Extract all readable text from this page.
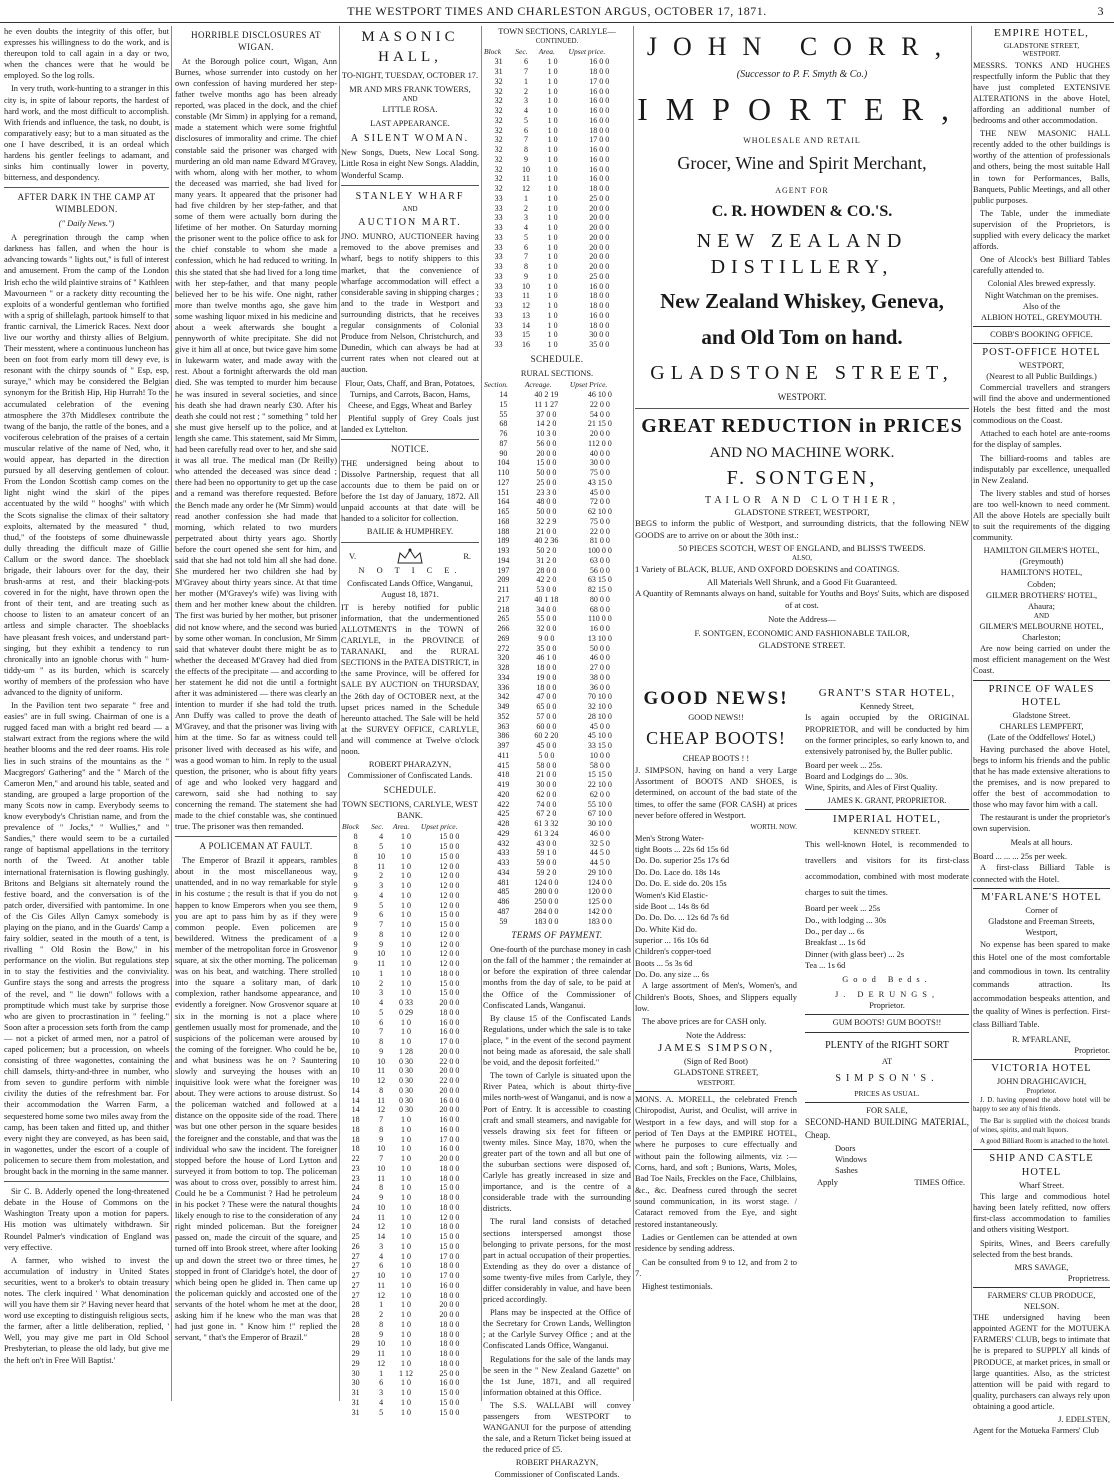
THE WESTPORT TIMES AND CHARLESTON ARGUS, OCTOBER 17, 1871.	3

he even doubts the integrity of this offer, but expresses his willingness to do the work, and is thereupon told to call again in a day or two, when the chances were that he would be employed. So the log rolls.

In very truth, work-hunting to a stranger in this city is, in spite of labour reports, the hardest of hard work, and the most difficult to accomplish. With friends and influence, the task, no doubt, is comparatively easy; but to a man situated as the one I have described, it is an ordeal which hardens his gentler feelings to adamant, and sinks him continually lower in poverty, bitterness, and despondency.

AFTER DARK IN THE CAMP AT WIMBLEDON.
(" Daily News.")

A peregrination through the camp when darkness has fallen, and when the hour is advancing towards " lights out," is full of interest and amusement. From the camp of the London Irish echo the wild plaintive strains of " Kathleen Mavourneen " or a rackety ditty recounting the exploits of a wonderful gentleman who fortified with a sprig of shillelagh, partook himself to that frantic carnival, the Limerick Races. Next door live our worthy and thirsty allies of Belgium. Their messtent, where a continuous luncheon has been on foot from early morn till dewy eve, is resonant with the chirpy sounds of " Esp, esp, suraye," which may be considered the Belgian synonym for the British Hip, Hip Hurrah! To the accumulated celebration of the evening atmosphere the 37th Middlesex contribute the twang of the banjo, the rattle of the bones, and a vociferous celebration of the praises of a certain muscular relative of the name of Ned, who, it would appear, has departed in the direction pursued by all deserving gentlemen of colour. From the London Scottish camp comes on the light night wind the skirl of the pipes accentuated by the wild " hooghs" with which the Scots signalise the climax of their saltatory exploits, alternated by the measured " thud, thud," of the footsteps of some dhuinewassle dully threading the difficult maze of Gillie Callum or the sword dance. The shoeblack brigade, their labours over for the day, their brush-arms at rest, and their blacking-pots covered in for the night, have thrown open the front of their tent, and are treating such as choose to listen to an amateur concert of an artless and simple character. The shoeblacks have pleasant fresh voices, and understand part-singing, but they exhibit a tendency to run chronically into an ignoble chorus with " hum-tiddy-um " as its burden, which is scarcely worthy of members of the profession who have advanced to the dignity of uniform.

In the Pavilion tent two separate " free and easies" are in full swing. Chairman of one is a rugged faced man with a bright red beard — a stalwart extract from the regions where the wild heather blooms and the red deer roams. His role lies in such strains of the mountains as the " Macgregors' Gathering" and the " March of the Cameron Men," and around his table, seated and standing, are grouped a large proportion of the many Scots now in camp. Everybody seems to know everybody's Christian name, and from the prevalence of " Jocks," " Wullies," and " Sandies," there would seem to be a curtailed range of baptismal appellations in the territory north of the Tweed. At another table international fraternisation is flowing gushingly. Britons and Belgians sit alternately round the festive board, and the conversation is of the patch order, diversified with pantomime. In one of the Cis Giles Allyn Camyx somebody is playing on the piano, and in the Guards' Camp a fairy soldier, seated in the mouth of a tent, is rivalling " Old Rosin the Bow," in his performance on the violin. But regulations step in to stay the festivities and the conviviality. Gunfire stays the song and arrests the progress of the revel, and " lie down" follows with a promptitude which must take by surprise those who are given to procrastination in " feeling." Soon after a procession sets forth from the camp — not a picket of armed men, nor a patrol of caped policemen; but a procession, on wheels consisting of three wagonettes, containing the chill damsels, thirty-and-three in number, who from seven to gundire perform with nimble civility the duties of the refreshment bar. For their accommodation the Warren Farm, a sequestered home some two miles away from the camp, has been taken and fitted up, and thither every night they are conveyed, as has been said, in wagonettes, under the escort of a couple of policemen to secure them from molestation, and brought back in the morning in the same manner.

Sir C. B. Adderly opened the long-threatened debate in the House of Commons on the Washington Treaty upon a motion for papers. His motion was ultimately withdrawn. Sir Roundel Palmer's vindication of England was very effective.

A farmer, who wished to invest the accumulation of industry in United States securities, went to a broker's to obtain treasury notes. The clerk inquired ' What denomination will you have them sir ?' Having never heard that word use excepting to distinguish religious sects, the farmer, after a little deliberation, replied, ' Well, you may give me part in Old School Presbyterian, to please the old lady, but give me the heft on't in Free Will Baptist.'

HORRIBLE DISCLOSURES AT WIGAN.

At the Borough police court, Wigan, Ann Burnes, whose surrender into custody on her own confession of having murdered her step-father twelve months ago has been already reported, was placed in the dock, and the chief constable (Mr Simm) in applying for a remand, made a statement which were some frightful disclosures of immorality and crime. The chief constable said the prisoner was charged with murdering an old man name Edward M'Gravey, with whom, along with her mother, to whom the deceased was married, she had lived for many years. It appeared that the prisoner had had five children by her step-father, and that some of them were actually born during the lifetime of her mother. On Saturday morning the prisoner went to the police office to ask for the chief constable to whom she made a confession, which he had reduced to writing. In this she stated that she had lived for a long time with her step-father, and that many people believed her to be his wife. One night, rather more than twelve months ago, she gave him some washing liquor mixed in his medicine and about a week afterwards she bought a pennyworth of white precipitate. She did not give it him all at once, but twice gave him some in lukewarm water, and made away with the rest. About a fortnight afterwards the old man died. She was tempted to murder him because he was insured in several societies, and since his death she had drawn nearly £30. After his death she could not rest ; " something " told her she must give herself up to the police, and at length she came. This statement, said Mr Simm, had been carefully read over to her, and she said it was all true. The medical man (Dr Reilly) who attended the deceased was since dead ; there had been no opportunity to get up the case and a remand was therefore requested. Before the Bench made any order he (Mr Simm) would read another confession she had made that morning, which related to two murders perpetrated about thirty years ago. Shortly before the court opened she sent for him, and said that she had not told him all she had done. She murdered her two children she had by M'Gravey about thirty years since. At that time her mother (M'Gravey's wife) was living with them and her mother knew about the children. The first was buried by her mother, but prisoner did not know where, and the second was buried by some other woman. In conclusion, Mr Simm said that whatever doubt there might be as to whether the deceased M'Gravey had died from the effects of the precipitate — and according to her statement he did not die until a fortnight after it was administered — there was clearly an intention to murder if she had told the truth. Ann Duffy was called to prove the death of M'Gravey, and that the prisoner was living with him at the time. So far as witness could tell prisoner lived with deceased as his wife, and was a good woman to him. In reply to the usual question, the prisoner, who is about fifty years of age and who looked very haggard and careworn, said she had nothing to say concerning the remand. The statement she had made to the chief constable was, she continued true. The prisoner was then remanded.

A POLICEMAN AT FAULT.

The Emperor of Brazil it appears, rambles about in the most miscellaneous way, unattended, and in no way remarkable for style in his costume ; the result is that if you do not happen to know Emperors when you see them, you are apt to pass him by as if they were common people. Even policemen are bewildered. Witness the predicament of a member of the metropolitan force in Grosvenor square, at six the other morning. The policeman was on his beat, and watching. There strolled into the square a solitary man, of dark complexion, rather handsome appearance, and evidently a foreigner. Now Grosvenor square at six in the morning is not a place where gentlemen usually most for promenade, and the suspicions of the policeman were aroused by the coming of the foreigner. Who could he be, and what business was he on ? Sauntering slowly and surveying the houses with an inquisitive look were what the foreigner was about. They were actions to arouse distrust. So the policeman watched and followed at a distance on the opposite side of the road. There was but one other person in the square besides the foreigner and the constable, and that was the individual who saw the incident. The foreigner stopped before the house of Lord Lytton and surveyed it from bottom to top. The policeman was about to cross over, possibly to arrest him. Could he be a Communist ? Had he petroleum in his pocket ? These were the natural thoughts likely enough to rise to the consideration of any right minded policeman. But the foreigner passed on, made the circuit of the square, and turned off into Brook street, where after looking up and down the street two or three times, he stopped in front of Claridge's hotel, the door of which being open he glided in. Then came up the policeman quickly and accosted one of the servants of the hotel whom he met at the door, asking him if he knew who the man was that had just gone in. " Know him !" replied the servant, " that's the Emperor of Brazil."

MASONIC HALL,
TO-NIGHT, TUESDAY, OCTOBER 17.
MR AND MRS FRANK TOWERS,
AND
LITTLE ROSA.
LAST APPEARANCE.
A SILENT WOMAN.

New Songs, Duets, New Local Song. Little Rosa in eight New Songs. Aladdin, Wonderful Scamp.

STANLEY WHARF
AND
AUCTION MART.

JNO. MUNRO, AUCTIONEER having removed to the above premises and wharf, begs to notify shippers to this market, that the convenience of wharfage accommodation will effect a considerable saving in shipping charges ; and to the trade in Westport and surrounding districts, that he receives regular consignments of Colonial Produce from Nelson, Christchurch, and Dunedin, which can always be had at current rates when not cleared out at auction.

Flour, Oats, Chaff, and Bran, Potatoes, Turnips, and Carrots, Bacon, Hams, Cheese, and Eggs, Wheat and Barley

Plentiful supply of Grey Coals just landed ex Lyttelton.

NOTICE.

THE undersigned being about to Dissolve Partnership, request that all accounts due to them be paid on or before the 1st day of January, 1872. All unpaid accounts at that date will be handed to a solicitor for collection.

BAILIE & HUMPHREY.
V.	R.
N O T I C E.
Confiscated Lands Office, Wanganui, August 18, 1871.

IT is hereby notified for public information, that the undermentioned ALLOTMENTS in the TOWN of CARLYLE, in the PROVINCE of TARANAKI, and the RURAL SECTIONS in the PATEA DISTRICT, in the same Province, will be offered for SALE BY AUCTION on THURSDAY, the 26th day of OCTOBER next, at the upset prices named in the Schedule hereunto attached. The Sale will be held at the SURVEY OFFICE, CARLYLE, and will commence at Twelve o'clock noon.

ROBERT PHARAZYN,
Commissioner of Confiscated Lands.
SCHEDULE.
TOWN SECTIONS, CARLYLE, WEST BANK.
Block	Sec.	Area.	Upset price.
8	4	1 0	15 0 0
8	5	1 0	15 0 0
8	10	1 0	15 0 0
8	11	1 0	12 0 0
9	2	1 0	12 0 0
9	3	1 0	12 0 0
9	4	1 0	12 0 0
9	5	1 0	12 0 0
9	6	1 0	15 0 0
9	7	1 0	15 0 0
9	8	1 0	12 0 0
9	9	1 0	12 0 0
9	10	1 0	12 0 0
9	11	1 0	12 0 0
10	1	1 0	18 0 0
10	2	1 0	15 0 0
10	3	1 0	15 0 0
10	4	0 33	20 0 0
10	5	0 29	18 0 0
10	6	1 0	16 0 0
10	7	1 0	16 0 0
10	8	1 0	17 0 0
10	9	1 28	20 0 0
10	10	0 30	22 0 0
10	11	0 30	20 0 0
10	12	0 30	22 0 0
14	8	0 30	20 0 0
14	11	0 30	16 0 0
14	12	0 30	20 0 0
18	7	1 0	16 0 0
18	8	1 0	16 0 0
18	9	1 0	17 0 0
18	10	1 0	16 0 0
22	7	1 0	20 0 0
23	10	1 0	18 0 0
23	11	1 0	18 0 0
24	8	1 0	15 0 0
24	9	1 0	18 0 0
24	10	1 0	18 0 0
24	11	1 0	12 0 0
24	12	1 0	18 0 0
25	14	1 0	15 0 0
26	3	1 0	15 0 0
27	4	1 0	17 0 0
27	6	1 0	18 0 0
27	10	1 0	17 0 0
27	11	1 0	16 0 0
27	12	1 0	18 0 0
28	1	1 0	20 0 0
28	2	1 0	20 0 0
28	8	1 0	18 0 0
28	9	1 0	18 0 0
29	10	1 0	18 0 0
29	11	1 0	18 0 0
29	12	1 0	18 0 0
30	1	1 12	25 0 0
30	6	1 0	16 0 0
31	3	1 0	15 0 0
31	4	1 0	15 0 0
31	5	1 0	15 0 0
TOWN SECTIONS, CARLYLE—
CONTINUED.
Block	Sec.	Area.	Upset price.
31	6	1 0	16 0 0
31	7	1 0	18 0 0
32	1	1 0	17 0 0
32	2	1 0	16 0 0
32	3	1 0	16 0 0
32	4	1 0	16 0 0
32	5	1 0	16 0 0
32	6	1 0	18 0 0
32	7	1 0	17 0 0
32	8	1 0	16 0 0
32	9	1 0	16 0 0
32	10	1 0	16 0 0
32	11	1 0	16 0 0
32	12	1 0	18 0 0
33	1	1 0	25 0 0
33	2	1 0	20 0 0
33	3	1 0	20 0 0
33	4	1 0	20 0 0
33	5	1 0	20 0 0
33	6	1 0	20 0 0
33	7	1 0	20 0 0
33	8	1 0	20 0 0
33	9	1 0	25 0 0
33	10	1 0	16 0 0
33	11	1 0	18 0 0
33	12	1 0	18 0 0
33	13	1 0	16 0 0
33	14	1 0	18 0 0
33	15	1 0	30 0 0
33	16	1 0	35 0 0
SCHEDULE.
RURAL SECTIONS.
Section.	Acreage.	Upset Price.
14	40 2 19	46 10 0
15	11 1 27	22 0 0
55	37 0 0	54 0 0
68	14 2 0	21 15 0
76	10 3 0	20 0 0
87	56 0 0	112 0 0
90	20 0 0	40 0 0
104	15 0 0	30 0 0
110	50 0 0	75 0 0
127	25 0 0	43 15 0
151	23 3 0	45 0 0
164	48 0 0	72 0 0
165	50 0 0	62 10 0
168	32 2 9	75 0 0
188	21 0 0	22 0 0
189	40 2 36	81 0 0
193	50 2 0	100 0 0
194	31 2 0	63 0 0
197	28 0 0	56 0 0
209	42 2 0	63 15 0
211	53 0 0	82 15 0
217	40 1 18	80 0 0
218	34 0 0	68 0 0
265	55 0 0	110 0 0
266	32 0 0	16 0 0
269	9 0 0	13 10 0
272	35 0 0	50 0 0
320	46 1 0	46 0 0
328	18 0 0	27 0 0
334	19 0 0	38 0 0
336	18 0 0	36 0 0
342	47 0 0	70 10 0
349	65 0 0	32 10 0
352	57 0 0	28 10 0
363	60 0 0	45 0 0
386	60 2 20	45 10 0
397	45 0 0	33 15 0
411	5 0 0	10 0 0
415	58 0 0	58 0 0
418	21 0 0	15 15 0
419	30 0 0	22 10 0
420	62 0 0	62 0 0
422	74 0 0	55 10 0
425	67 2 0	67 10 0
428	61 3 32	30 10 0
429	61 3 24	46 0 0
432	43 0 0	32 5 0
433	59 1 0	44 5 0
433	59 0 0	44 5 0
434	59 2 0	29 10 0
481	124 0 0	124 0 0
485	280 0 0	120 0 0
486	250 0 0	125 0 0
487	284 0 0	142 0 0
59	183 0 0	183 0 0
TERMS OF PAYMENT.

One-fourth of the purchase money in cash on the fall of the hammer ; the remainder at or before the expiration of three calendar months from the day of sale, to be paid at the Office of the Commissioner of Confiscated Lands, Wanganui.

By clause 15 of the Confiscated Lands Regulations, under which the sale is to take place, " in the event of the second payment not being made as aforesaid, the sale shall be void, and the deposit forfeited."

The town of Carlyle is situated upon the River Patea, which is about thirty-five miles north-west of Wanganui, and is now a Port of Entry. It is accessible to coasting craft and small steamers, and navigable for vessels drawing six feet for fifteen or twenty miles. Since May, 1870, when the greater part of the town and all but one of the suburban sections were disposed of, Carlyle has greatly increased in size and importance, and is the centre of a considerable trade with the surrounding districts.

The rural land consists of detached sections interspersed amongst those belonging to private persons, for the most part in actual occupation of their properties. Extending as they do over a distance of some twenty-five miles from Carlyle, they differ considerably in value, and have been priced accordingly.

Plans may be inspected at the Office of the Secretary for Crown Lands, Wellington ; at the Carlyle Survey Office ; and at the Confiscated Lands Office, Wanganui.

Regulations for the sale of the lands may be seen in the " New Zealand Gazette" on the 1st June, 1871, and all required information obtained at this Office.

The S.S. WALLABI will convey passengers from WESTPORT to WANGANUI for the purpose of attending the sale, and a Return Ticket being issued at the reduced price of £5.

ROBERT PHARAZYN,
Commissioner of Confiscated Lands.
JOHN CORR,
(Successor to P. F. Smyth & Co.)
IMPORTER,
WHOLESALE AND RETAIL
Grocer, Wine and Spirit Merchant,
AGENT FOR
C. R. HOWDEN & CO.'S.
NEW ZEALAND DISTILLERY,
New Zealand Whiskey, Geneva,
and Old Tom on hand.
GLADSTONE STREET,
WESTPORT.
GREAT REDUCTION in PRICES
AND NO MACHINE WORK.
F. SONTGEN,
TAILOR AND CLOTHIER,
GLADSTONE STREET, WESTPORT,

BEGS to inform the public of Westport, and surrounding districts, that the following NEW GOODS are to arrive on or about the 30th inst.:

50 PIECES SCOTCH, WEST OF ENGLAND, and BLISS'S TWEEDS.
ALSO,

1 Variety of BLACK, BLUE, AND OXFORD DOESKINS and COATINGS.

All Materials Well Shrunk, and a Good Fit Guaranteed.

A Quantity of Remnants always on hand, suitable for Youths and Boys' Suits, which are disposed of at cost.

Note the Address—
F. SONTGEN, ECONOMIC AND FASHIONABLE TAILOR,
GLADSTONE STREET.
GOOD NEWS!
GOOD NEWS!!
CHEAP BOOTS!
CHEAP BOOTS ! !

J. SIMPSON, having on hand a very Large Assortment of BOOTS AND SHOES, is determined, on account of the bad state of the times, to offer the same (FOR CASH) at prices never before offered in Westport.

WORTH. NOW.
Men's Strong Water-
tight Boots ... 22s 6d 15s 6d
Do. Do. superior 25s 17s 6d
Do. Do. Lace do. 18s 14s
Do. Do. E. side do. 20s 15s
Women's Kid Elastic-
side Boot ... 14s 8s 6d
Do. Do. Do. ... 12s 6d 7s 6d
Do. White Kid do.
superior ... 16s 10s 6d
Children's copper-toed
Boots ... 5s 3s 6d
Do. Do. any size ... 6s

A large assortment of Men's, Women's, and Children's Boots, Shoes, and Slippers equally low.

The above prices are for CASH only.

Note the Address:
JAMES SIMPSON,
(Sign of Red Boot)
GLADSTONE STREET,
WESTPORT.

MONS. A. MORELL, the celebrated French Chiropodist, Aurist, and Oculist, will arrive in Westport in a few days, and will stop for a period of Ten Days at the EMPIRE HOTEL, where he purposes to cure effectually and without pain the following ailments, viz :— Corns, hard, and soft ; Bunions, Warts, Moles, Bad Toe Nails, Freckles on the Face, Chilblains, &c., &c. Deafness cured through the secret sound communication, in its worst stage. / Cataract removed from the Eye, and sight restored instantaneously.

Ladies or Gentlemen can be attended at own residence by sending address.

Can be consulted from 9 to 12, and from 2 to 7.

Highest testimonials.

GRANT'S STAR HOTEL,
Kennedy Street,

Is again occupied by the ORIGINAL PROPRIETOR, and will be conducted by him on the former principles, so early known to, and extensively patronised by, the Buller public.

Board per week ... 25s.
Board and Lodgings do ... 30s.

Wine, Spirits, and Ales of First Quality.

JAMES K. GRANT, PROPRIETOR.
IMPERIAL HOTEL,
KENNEDY STREET.

This well-known Hotel, is recommended to travellers and visitors for its first-class accommodation, combined with most moderate charges to suit the times.

Board per week ... 25s
Do., with lodging ... 30s
Do., per day ... 6s
Breakfast ... 1s 6d
Dinner (with glass beer) ... 2s
Tea ... 1s 6d
Good Beds.
J. DERUNGS,
Proprietor.
GUM BOOTS! GUM BOOTS!!
PLENTY of the RIGHT SORT
AT
SIMPSON'S.
PRICES AS USUAL.
FOR SALE,

SECOND-HAND BUILDING MATERIAL, Cheap.

Doors
Windows
Sashes
Apply	TIMES Office.
EMPIRE HOTEL,
GLADSTONE STREET,
WESTPORT.

MESSRS. TONKS AND HUGHES respectfully inform the Public that they have just completed EXTENSIVE ALTERATIONS in the above Hotel, affording an additional number of bedrooms and other accommodation.

THE NEW MASONIC HALL recently added to the other buildings is worthy of the attention of professionals and others, being the most suitable Hall in town for Performances, Balls, Banquets, Public Meetings, and all other public purposes.

The Table, under the immediate supervision of the Proprietors, is supplied with every delicacy the market affords.

One of Alcock's best Billiard Tables carefully attended to.

Colonial Ales brewed expressly.
Night Watchman on the premises.
Also of the
ALBION HOTEL, GREYMOUTH.
COBB'S BOOKING OFFICE.
POST-OFFICE HOTEL
WESTPORT,
(Nearest to all Public Buildings.)

Commercial travellers and strangers will find the above and undermentioned Hotels the best fitted and the most commodious on the Coast.

Attached to each hotel are ante-rooms for the display of samples.

The billiard-rooms and tables are indisputably par excellence, unequalled in New Zealand.

The livery stables and stud of horses are too well-known to need comment. All the above Hotels are specially built to suit the requirements of the digging community.

HAMILTON GILMER'S HOTEL,
(Greymouth)
HAMILTON'S HOTEL,
Cobden;
GILMER BROTHERS' HOTEL,
Ahaura;
AND
GILMER'S MELBOURNE HOTEL,
Charleston;

Are now being carried on under the most efficient management on the West Coast.

PRINCE OF WALES HOTEL
Gladstone Street.
CHARLES LEMPFERT,
(Late of the Oddfellows' Hotel,)

Having purchased the above Hotel, begs to inform his friends and the public that he has made extensive alterations to the premises, and is now prepared to offer the best of accommodation to those who may favor him with a call.

The restaurant is under the proprietor's own supervision.

Meals at all hours.
Board ... ... ... 25s per week.

A first-class Billiard Table is connected with the Hotel.

M'FARLANE'S HOTEL
Corner of
Gladstone and Freeman Streets,
Westport,

No expense has been spared to make this Hotel one of the most comfortable and commodious in town. Its centrality commands attraction. Its accommodation bespeaks attention, and the quality of Wines is perfection. First-class Billiard Table.

R. M'FARLANE,
Proprietor.
VICTORIA HOTEL
JOHN DRAGHICAVICH,
Proprietor.

J. D. having opened the above hotel will be happy to see any of his friends.

The Bar is supplied with the choicest brands of wines, spirits, and malt liquors.

A good Billiard Room is attached to the hotel.

SHIP AND CASTLE HOTEL
Wharf Street.

This large and commodious hotel having been lately refitted, now offers first-class accommodation to families and others visiting Westport.

Spirits, Wines, and Beers carefully selected from the best brands.

MRS SAVAGE,
Proprietress.
FARMERS' CLUB PRODUCE, NELSON.

THE undersigned having been appointed AGENT for the MOTUEKA FARMERS' CLUB, begs to intimate that he is prepared to SUPPLY all kinds of PRODUCE, at market prices, in small or large quantities. Also, as the strictest attention will be paid with regard to quality, purchasers can always rely upon obtaining a good article.

J. EDELSTEN,
Agent for the Motueka Farmers' Club
